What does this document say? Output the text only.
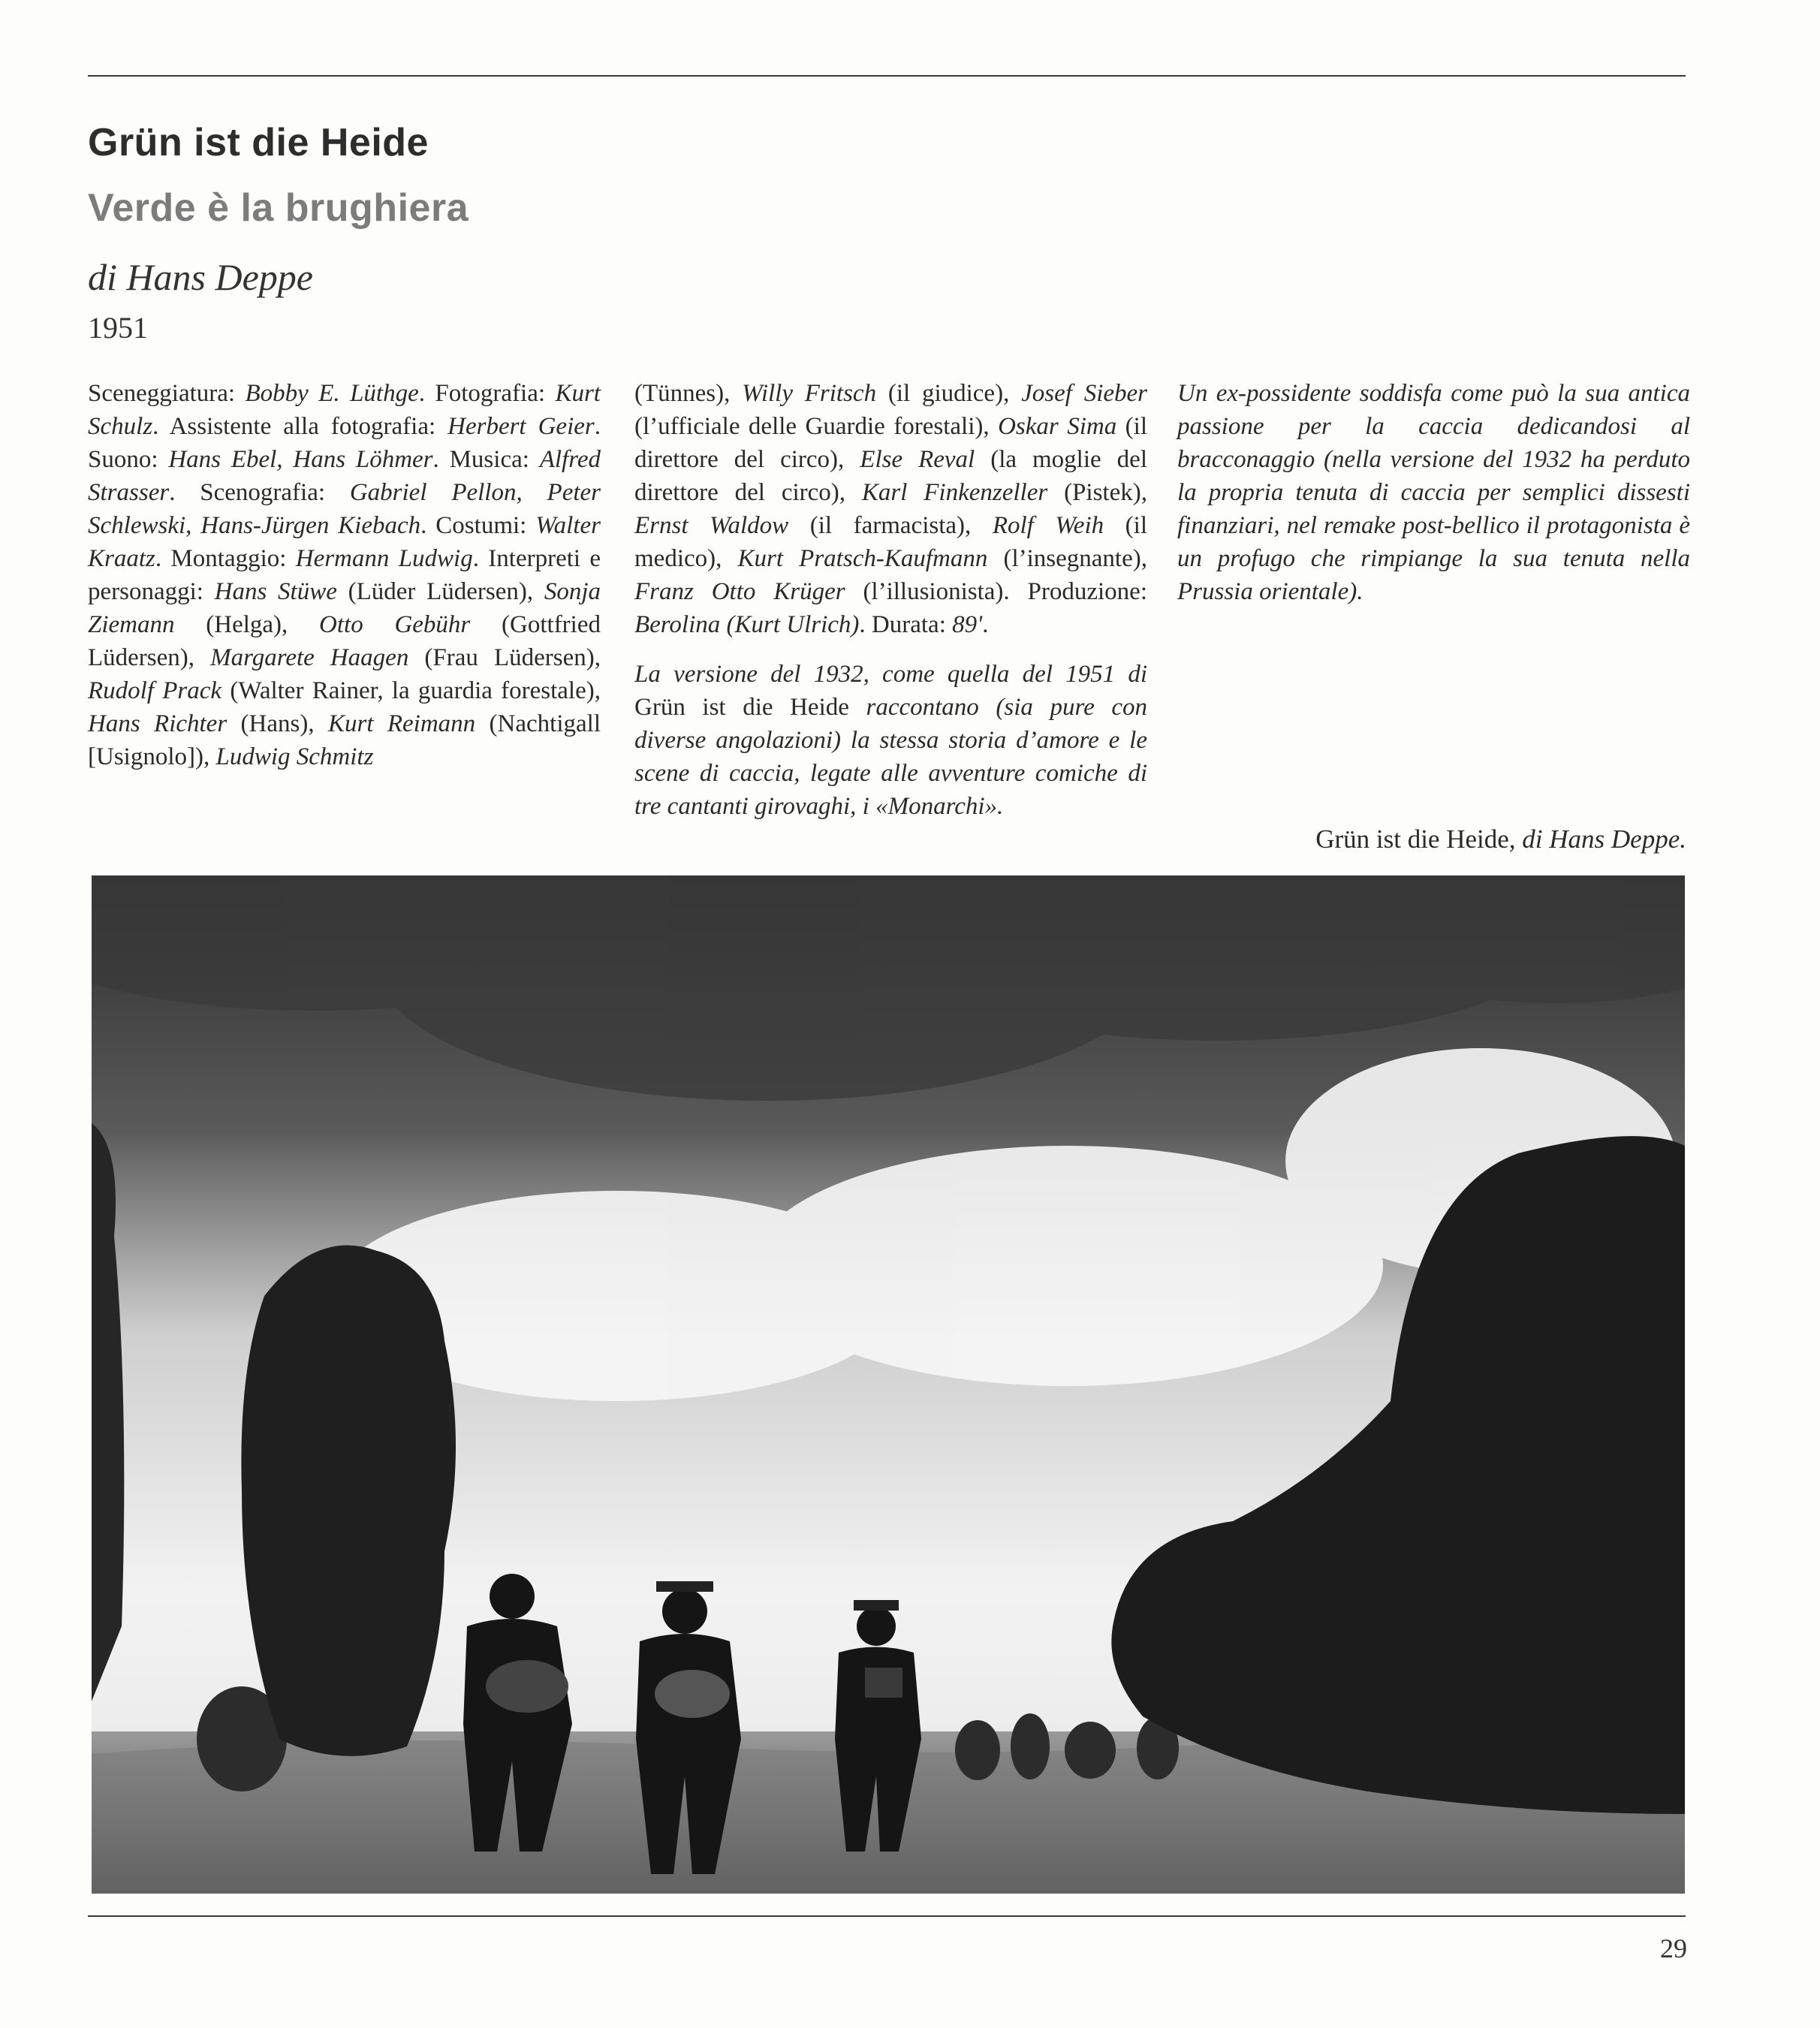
Grün ist die Heide
Verde è la brughiera
di Hans Deppe
1951

Sceneggiatura: Bobby E. Lüthge. Fotografia: Kurt Schulz. Assistente alla fotografia: Herbert Geier. Suono: Hans Ebel, Hans Löhmer. Musica: Alfred Strasser. Scenografia: Gabriel Pellon, Peter Schlewski, Hans-Jürgen Kiebach. Costumi: Walter Kraatz. Montaggio: Hermann Ludwig. Interpreti e personaggi: Hans Stüwe (Lüder Lüdersen), Sonja Ziemann (Helga), Otto Gebühr (Gottfried Lüdersen), Margarete Haagen (Frau Lüdersen), Rudolf Prack (Walter Rainer, la guardia forestale), Hans Richter (Hans), Kurt Reimann (Nachtigall [Usignolo]), Ludwig Schmitz

(Tünnes), Willy Fritsch (il giudice), Josef Sieber (l’ufficiale delle Guardie forestali), Oskar Sima (il direttore del circo), Else Reval (la moglie del direttore del circo), Karl Finkenzeller (Pistek), Ernst Waldow (il farmacista), Rolf Weih (il medico), Kurt Pratsch-Kaufmann (l’insegnante), Franz Otto Krüger (l’illusionista). Produzione: Berolina (Kurt Ulrich). Durata: 89'.

La versione del 1932, come quella del 1951 di Grün ist die Heide raccontano (sia pure con diverse angolazioni) la stessa storia d’amore e le scene di caccia, legate alle avventure comiche di tre cantanti girovaghi, i «Monarchi».

Un ex-possidente soddisfa come può la sua antica passione per la caccia dedicandosi al bracconaggio (nella versione del 1932 ha perduto la propria tenuta di caccia per semplici dissesti finanziari, nel remake post-bellico il protagonista è un profugo che rimpiange la sua tenuta nella Prussia orientale).

Grün ist die Heide, di Hans Deppe.
29
